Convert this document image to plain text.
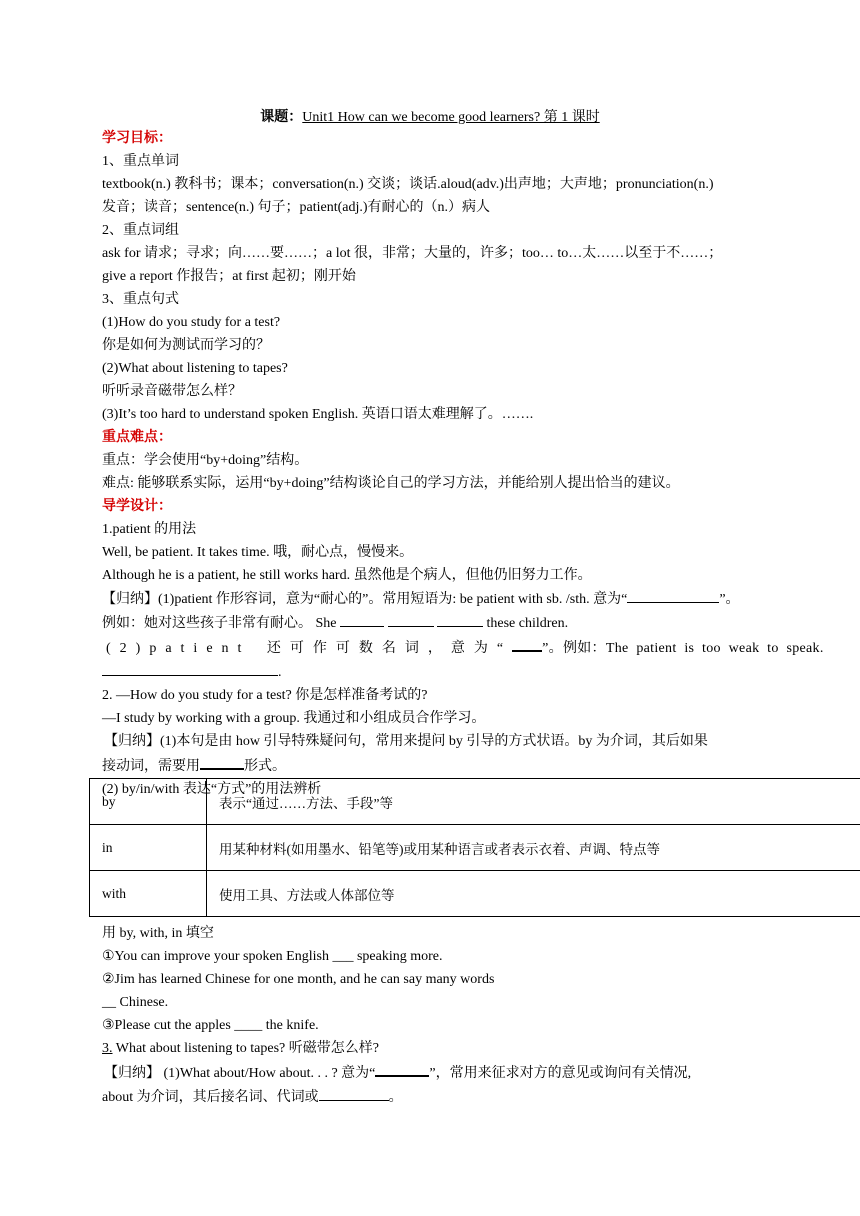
课题：Unit1 How can we become good learners? 第 1 课时
学习目标：
1、重点单词
textbook(n.) 教科书；课本；conversation(n.) 交谈；谈话.aloud(adv.)出声地；大声地；pronunciation(n.)
发音；读音；sentence(n.) 句子；patient(adj.)有耐心的（n.）病人
2、重点词组
ask for 请求；寻求；向……要……；a lot 很，非常；大量的，许多；too… to…太……以至于不……；
give a report 作报告；at first 起初；刚开始
3、重点句式
(1)How do you study for a test?
你是如何为测试而学习的？
(2)What about listening to tapes?
听听录音磁带怎么样？
(3)It’s too hard to understand spoken English. 英语口语太难理解了。…….
重点难点：
重点：学会使用“by+doing”结构。
难点: 能够联系实际，运用“by+doing”结构谈论自己的学习方法，并能给别人提出恰当的建议。
导学设计：
1.patient 的用法
Well, be patient. It takes time. 哦，耐心点，慢慢来。
Although he is a patient, he still works hard. 虽然他是个病人，但他仍旧努力工作。
【归纳】(1)patient 作形容词，意为“耐心的”。常用短语为: be patient with sb. /sth. 意为“	”。
例如：她对这些孩子非常有耐心。 She	these children.
(2)patient 还可作可数名词，意为“ ”。例如：The patient is too weak to speak.
.
2. —How do you study for a test? 你是怎样准备考试的?
—I study by working with a group. 我通过和小组成员合作学习。
【归纳】(1)本句是由 how 引导特殊疑问句，常用来提问 by 引导的方式状语。by 为介词，其后如果
接动词，需要用	形式。
(2) by/in/with 表达“方式”的用法辨析
by	表示“通过……方法、手段”等
in	用某种材料(如用墨水、铅笔等)或用某种语言或者表示衣着、声调、特点等
with	使用工具、方法或人体部位等
用 by, with, in 填空
①You can improve your spoken English ___ speaking more.
②Jim has learned Chinese for one month, and he can say many words
__ Chinese.
③Please cut the apples ____ the knife.
3. What about listening to tapes? 听磁带怎么样?
【归纳】 (1)What about/How about. . . ? 意为“	”，常用来征求对方的意见或询问有关情况,
about 为介词，其后接名词、代词或	。
